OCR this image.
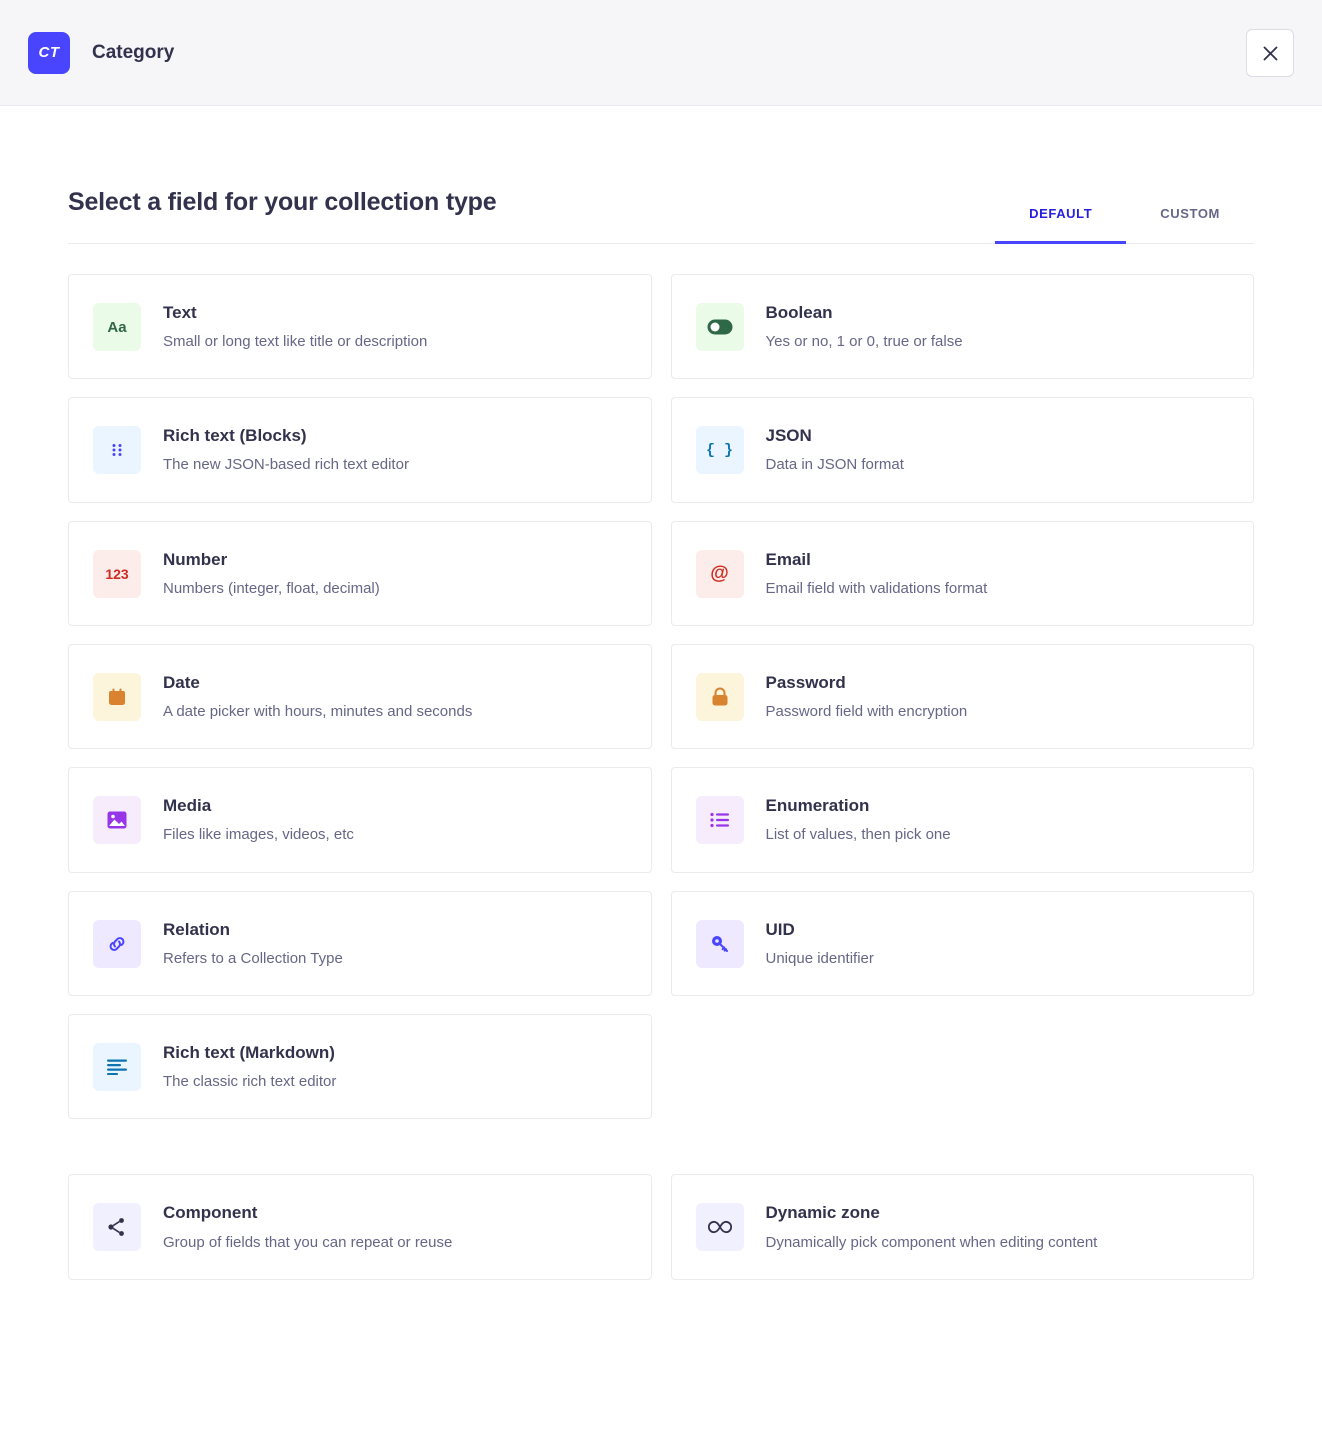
CT Category
Select a field for your collection type	DEFAULT	CUSTOM
Aa
Text
Small or long text like title or description
Boolean
Yes or no, 1 or 0, true or false
Rich text (Blocks)
The new JSON-based rich text editor
{ }
JSON
Data in JSON format
123
Number
Numbers (integer, float, decimal)
@
Email
Email field with validations format
Date
A date picker with hours, minutes and seconds
Password
Password field with encryption
Media
Files like images, videos, etc
Enumeration
List of values, then pick one
Relation
Refers to a Collection Type
UID
Unique identifier
Rich text (Markdown)
The classic rich text editor
Component
Group of fields that you can repeat or reuse
Dynamic zone
Dynamically pick component when editing content
